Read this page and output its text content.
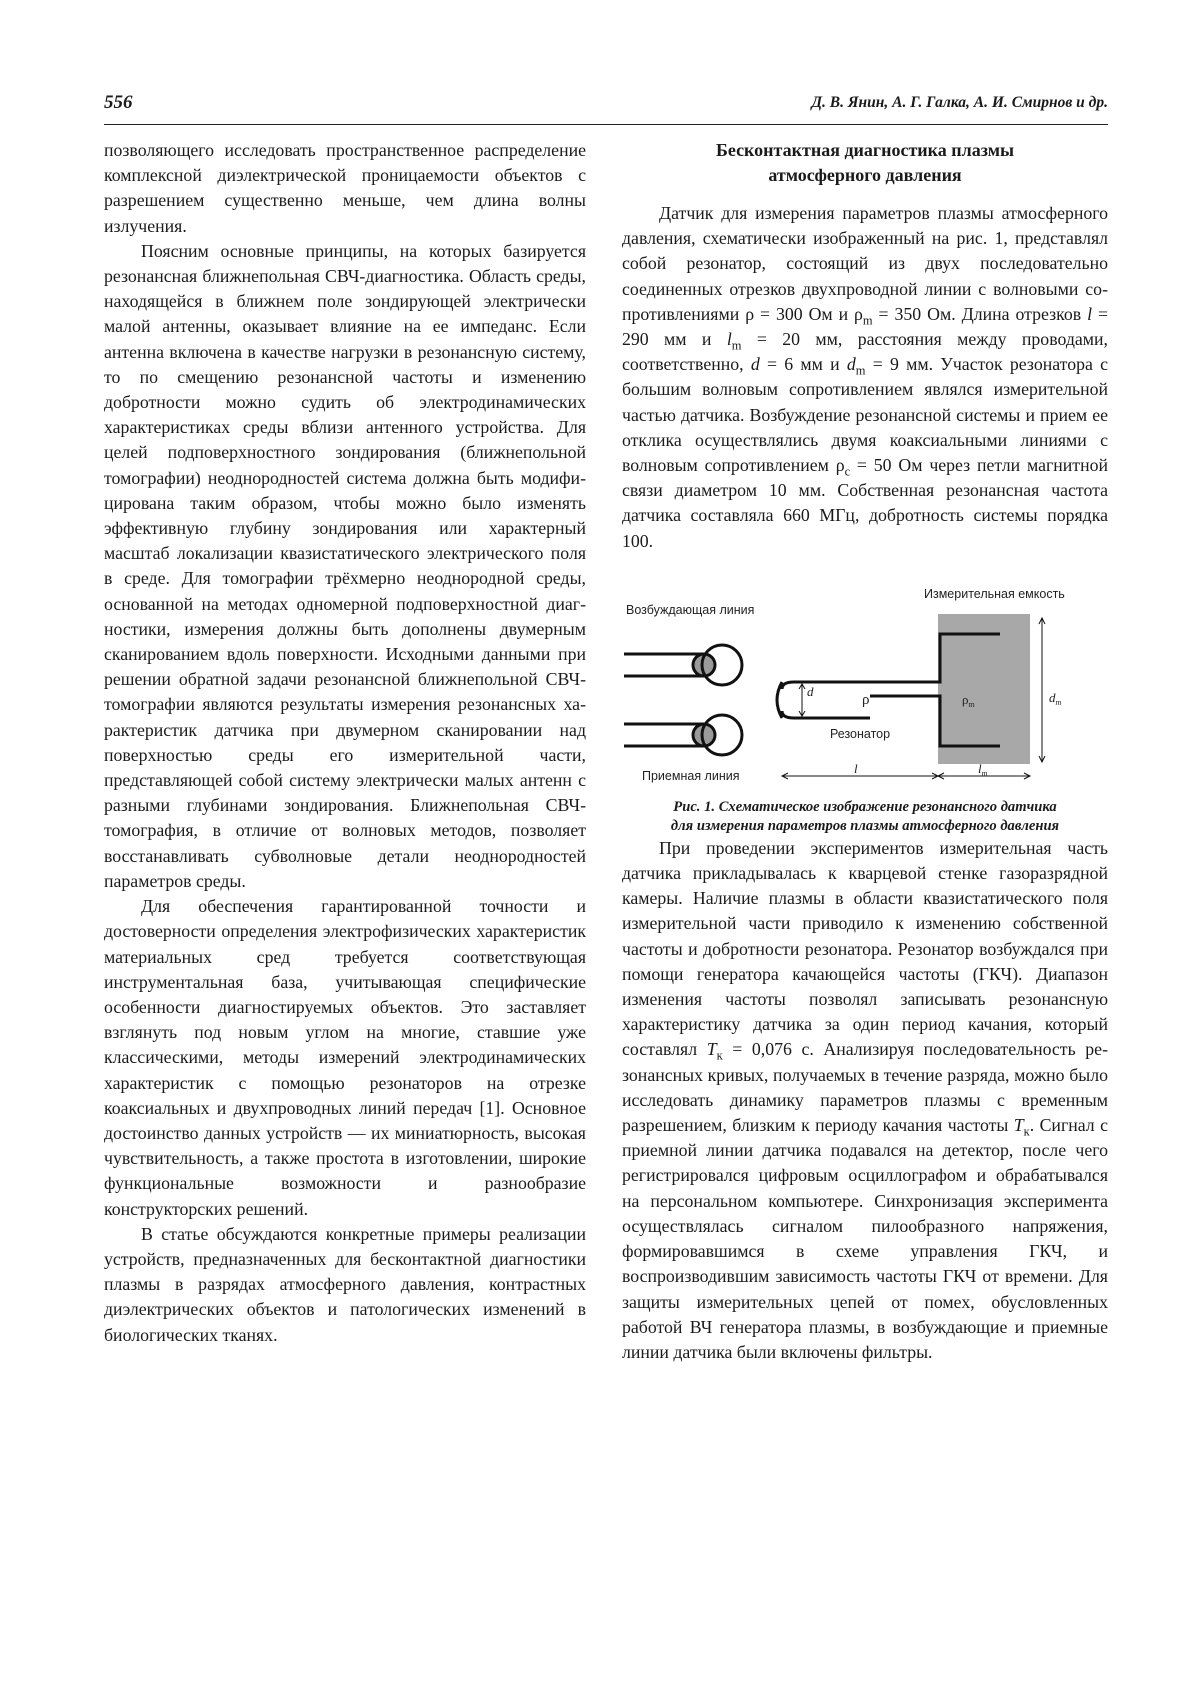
556	Д. В. Янин, А. Г. Галка, А. И. Смирнов и др.

позволяющего исследовать пространственное распределение комплексной диэлектрической проницаемости объектов с разрешением существенно меньше, чем длина волны излучения.

Поясним основные принципы, на которых базируется резонансная ближнепольная СВЧ-диагностика. Область среды, находящейся в ближнем поле зондирующей электрически малой антенны, оказывает влияние на ее импеданс. Если антенна включена в качестве нагрузки в резонансную систему, то по смещению резонансной частоты и изменению добротности можно судить об электродинамических характеристиках среды вблизи антенного устройства. Для целей подповерхностного зондирования (ближнепольной томографии) неоднородностей система должна быть модифицирована таким образом, чтобы можно было изменять эффективную глубину зондирования или характерный масштаб локализации квазистатического электрического поля в среде. Для томографии трёхмерно неоднородной среды, основанной на методах одномерной подповерхностной диагностики, измерения должны быть дополнены двумерным сканированием вдоль поверхности. Исходными данными при решении обратной задачи резонансной ближнепольной СВЧ-томографии являются результаты измерения резонансных характеристик датчика при двумерном сканировании над поверхностью среды его измерительной части, представляющей собой систему электрически малых антенн с разными глубинами зондирования. Ближнепольная СВЧ-томография, в отличие от волновых методов, позволяет восстанавливать субволновые детали неоднородностей параметров среды.

Для обеспечения гарантированной точности и достоверности определения электрофизических характеристик материальных сред требуется соответствующая инструментальная база, учитывающая специфические особенности диагностируемых объектов. Это заставляет взглянуть под новым углом на многие, ставшие уже классическими, методы измерений электродинамических характеристик с помощью резонаторов на отрезке коаксиальных и двухпроводных линий передач [1]. Основное достоинство данных устройств — их миниатюрность, высокая чувствительность, а также простота в изготовлении, широкие функциональные возможности и разнообразие конструкторских решений.

В статье обсуждаются конкретные примеры реализации устройств, предназначенных для бесконтактной диагностики плазмы в разрядах атмосферного давления, контрастных диэлектрических объектов и патологических изменений в биологических тканях.

Бесконтактная диагностика плазмы
атмосферного давления

Датчик для измерения параметров плазмы атмосферного давления, схематически изображенный на рис. 1, представлял собой резонатор, состоящий из двух последовательно соединенных отрезков двухпроводной линии с волновыми сопротивлениями ρ = 300 Ом и $\rho_m = 350$ Ом. Длина отрезков l = 290 мм и $l_m = 20$ мм, расстояния между проводами, соответственно, d = 6 мм и $d_m = 9$ мм. Участок резонатора с большим волновым сопротивлением являлся измерительной частью датчика. Возбуждение резонансной системы и прием ее отклика осуществлялись двумя коаксиальными линиями с волновым сопротивлением $\rho_c = 50$ Ом через петли магнитной связи диаметром 10 мм. Собственная резонансная частота датчика составляла 660 МГц, добротность системы порядка 100.

Возбуждающая линия
Приемная линия
Измерительная емкость
Резонатор
d
ρ	$\rho_m$	$d_m$
l	$l_m$
Рис. 1. Схематическое изображение резонансного датчика
для измерения параметров плазмы атмосферного давления

При проведении экспериментов измерительная часть датчика прикладывалась к кварцевой стенке газоразрядной камеры. Наличие плазмы в области квазистатического поля измерительной части приводило к изменению собственной частоты и добротности резонатора. Резонатор возбуждался при помощи генератора качающейся частоты (ГКЧ). Диапазон изменения частоты позволял записывать резонансную характеристику датчика за один период качания, который составлял $T_к = 0,076$ с. Анализируя последовательность резонансных кривых, получаемых в течение разряда, можно было исследовать динамику параметров плазмы с временным разрешением, близким к периоду качания частоты $T_к$. Сигнал с приемной линии датчика подавался на детектор, после чего регистрировался цифровым осциллографом и обрабатывался на персональном компьютере. Синхронизация эксперимента осуществлялась сигналом пилообразного напряжения, формировавшимся в схеме управления ГКЧ, и воспроизводившим зависимость частоты ГКЧ от времени. Для защиты измерительных цепей от помех, обусловленных работой ВЧ генератора плазмы, в возбуждающие и приемные линии датчика были включены фильтры.
